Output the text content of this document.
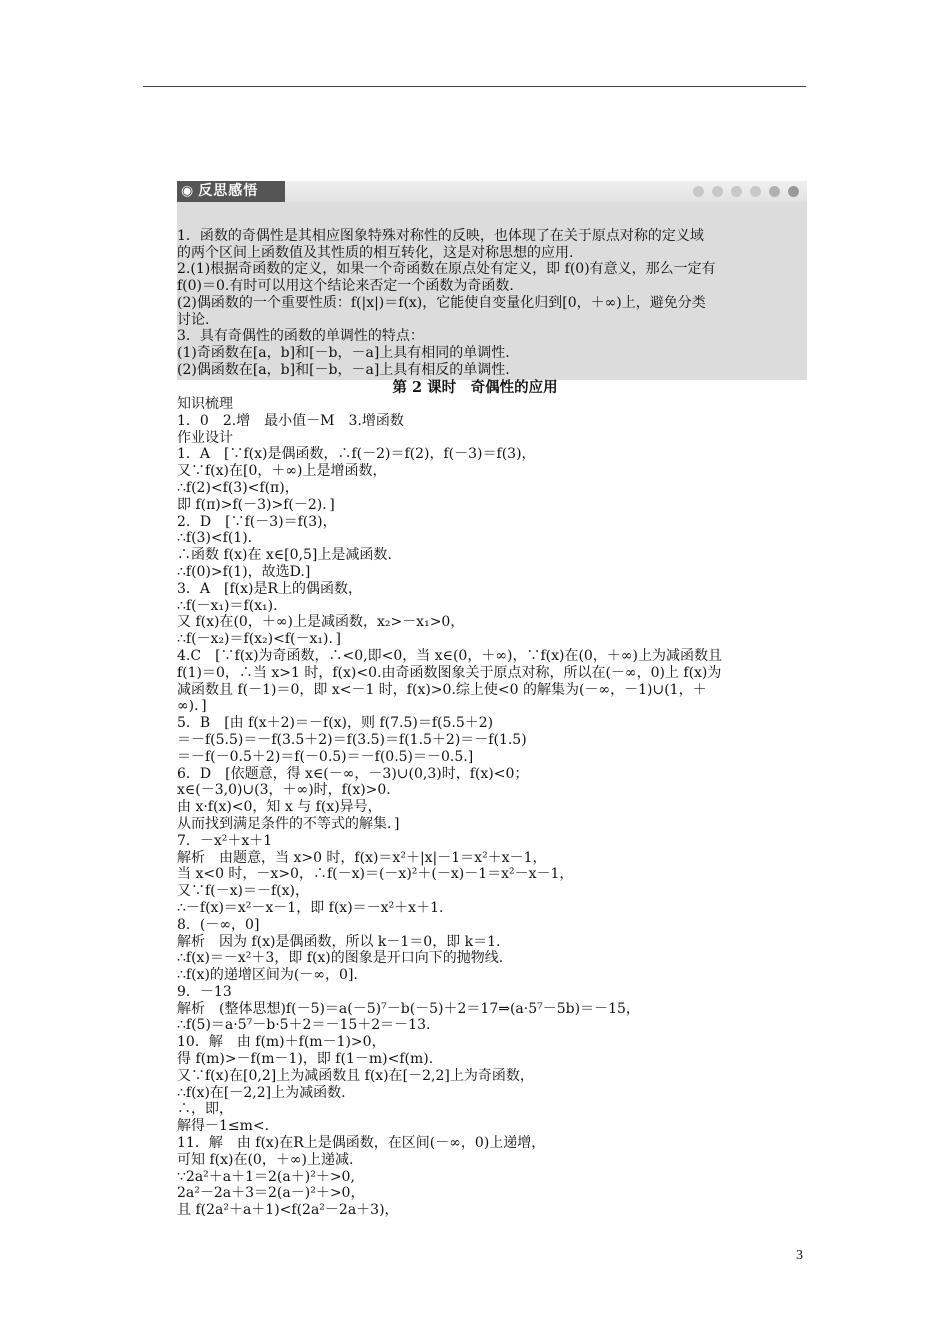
◉ 反思感悟
1．函数的奇偶性是其相应图象特殊对称性的反映，也体现了在关于原点对称的定义域
的两个区间上函数值及其性质的相互转化，这是对称思想的应用.
2.(1)根据奇函数的定义，如果一个奇函数在原点处有定义，即 f(0)有意义，那么一定有
f(0)＝0.有时可以用这个结论来否定一个函数为奇函数.
(2)偶函数的一个重要性质：f(|x|)＝f(x)，它能使自变量化归到[0，＋∞)上，避免分类
讨论.
3．具有奇偶性的函数的单调性的特点：
(1)奇函数在[a，b]和[－b，－a]上具有相同的单调性.
(2)偶函数在[a，b]和[－b，－a]上具有相反的单调性.
第 2 课时　奇偶性的应用
知识梳理
1．0　2.增　最小值－M　3.增函数
作业设计
1．A　[∵f(x)是偶函数，∴f(－2)＝f(2)，f(－3)＝f(3)，
又∵f(x)在[0，＋∞)上是增函数，
∴f(2)<f(3)<f(π)，
即 f(π)>f(－3)>f(－2)．]
2．D　[∵f(－3)＝f(3)，
∴f(3)<f(1)．
∴函数 f(x)在 x∈[0,5]上是减函数.
∴f(0)>f(1)，故选D.]
3．A　[f(x)是R上的偶函数，
∴f(－x₁)＝f(x₁).
又 f(x)在(0，＋∞)上是减函数，x₂>－x₁>0，
∴f(－x₂)＝f(x₂)<f(－x₁)．]
4.C　[∵f(x)为奇函数，∴<0,即<0，当 x∈(0，＋∞)，∵f(x)在(0，＋∞)上为减函数且
f(1)＝0，∴当 x>1 时，f(x)<0.由奇函数图象关于原点对称，所以在(－∞，0)上 f(x)为
减函数且 f(－1)＝0，即 x<－1 时，f(x)>0.综上使<0 的解集为(－∞，－1)∪(1，＋
∞)．]
5．B　[由 f(x＋2)＝－f(x)，则 f(7.5)＝f(5.5＋2)
＝－f(5.5)＝－f(3.5＋2)＝f(3.5)＝f(1.5＋2)＝－f(1.5)
＝－f(－0.5＋2)＝f(－0.5)＝－f(0.5)＝－0.5.]
6．D　[依题意，得 x∈(－∞，－3)∪(0,3)时，f(x)<0；
x∈(－3,0)∪(3，＋∞)时，f(x)>0.
由 x·f(x)<0，知 x 与 f(x)异号，
从而找到满足条件的不等式的解集．]
7．－x²＋x＋1
解析　由题意，当 x>0 时，f(x)＝x²＋|x|－1＝x²＋x－1，
当 x<0 时，－x>0，∴f(－x)＝(－x)²＋(－x)－1＝x²－x－1，
又∵f(－x)＝－f(x)，
∴－f(x)＝x²－x－1，即 f(x)＝－x²＋x＋1.
8．(－∞，0]
解析　因为 f(x)是偶函数，所以 k－1＝0，即 k＝1.
∴f(x)＝－x²＋3，即 f(x)的图象是开口向下的抛物线.
∴f(x)的递增区间为(－∞，0].
9．－13
解析　(整体思想)f(－5)＝a(－5)⁷－b(－5)＋2＝17⇒(a·5⁷－5b)＝－15，
∴f(5)＝a·5⁷－b·5＋2＝－15＋2＝－13.
10．解　由 f(m)＋f(m－1)>0，
得 f(m)>－f(m－1)，即 f(1－m)<f(m).
又∵f(x)在[0,2]上为减函数且 f(x)在[－2,2]上为奇函数，
∴f(x)在[－2,2]上为减函数.
∴，即，
解得－1≤m<.
11．解　由 f(x)在R上是偶函数，在区间(－∞，0)上递增，
可知 f(x)在(0，＋∞)上递减.
∵2a²＋a＋1＝2(a＋)²＋>0,
2a²－2a＋3＝2(a－)²＋>0，
且 f(2a²＋a＋1)<f(2a²－2a＋3)，
3
